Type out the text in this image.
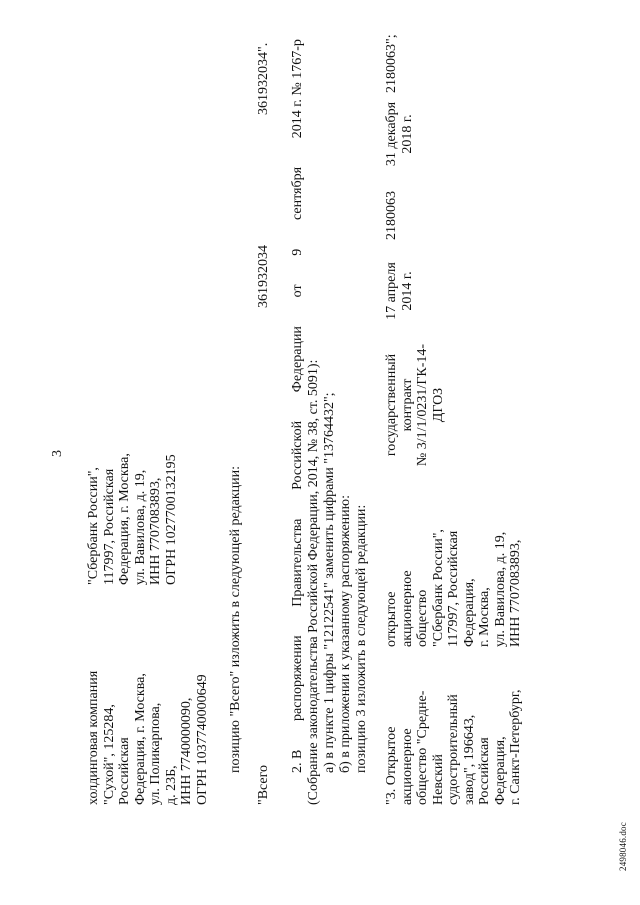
3
холдинговая компания "Сухой", 125284, Российская Федерация, г. Москва, ул. Поликарпова, д. 23Б, ИНН 7740000090, ОГРН 1037740000649
"Сбербанк России", 117997, Российская Федерация, г. Москва, ул. Вавилова, д. 19, ИНН 7707083893, ОГРН 1027700132195	позицию "Всего" изложить в следующей редакции:
"Всего
361932034
361932034".
2. В
распоряжении
Правительства
Российской
Федерации
от
9
сентября
2014 г. № 1767-р
(Собрание законодательства Российской Федерации, 2014, № 38, ст. 5091): а) в пункте 1 цифры "12122541" заменить цифрами "13764432"; б) в приложении к указанному распоряжению: позицию 3 изложить в следующей редакции: "3. Открытое акционерное общество "Средне- Невский судостроительный завод", 196643, Российская Федерация, г. Санкт-Петербург,
открытое акционерное общество "Сбербанк России", 117997, Российская Федерация, г. Москва, ул. Вавилова, д. 19, ИНН 7707083893,
государственный контракт № 3/1/1/0231/ГК-14- ДГОЗ
17 апреля 2014 г.
2180063
31 декабря 2018 г.
2180063";
2498046.doc
